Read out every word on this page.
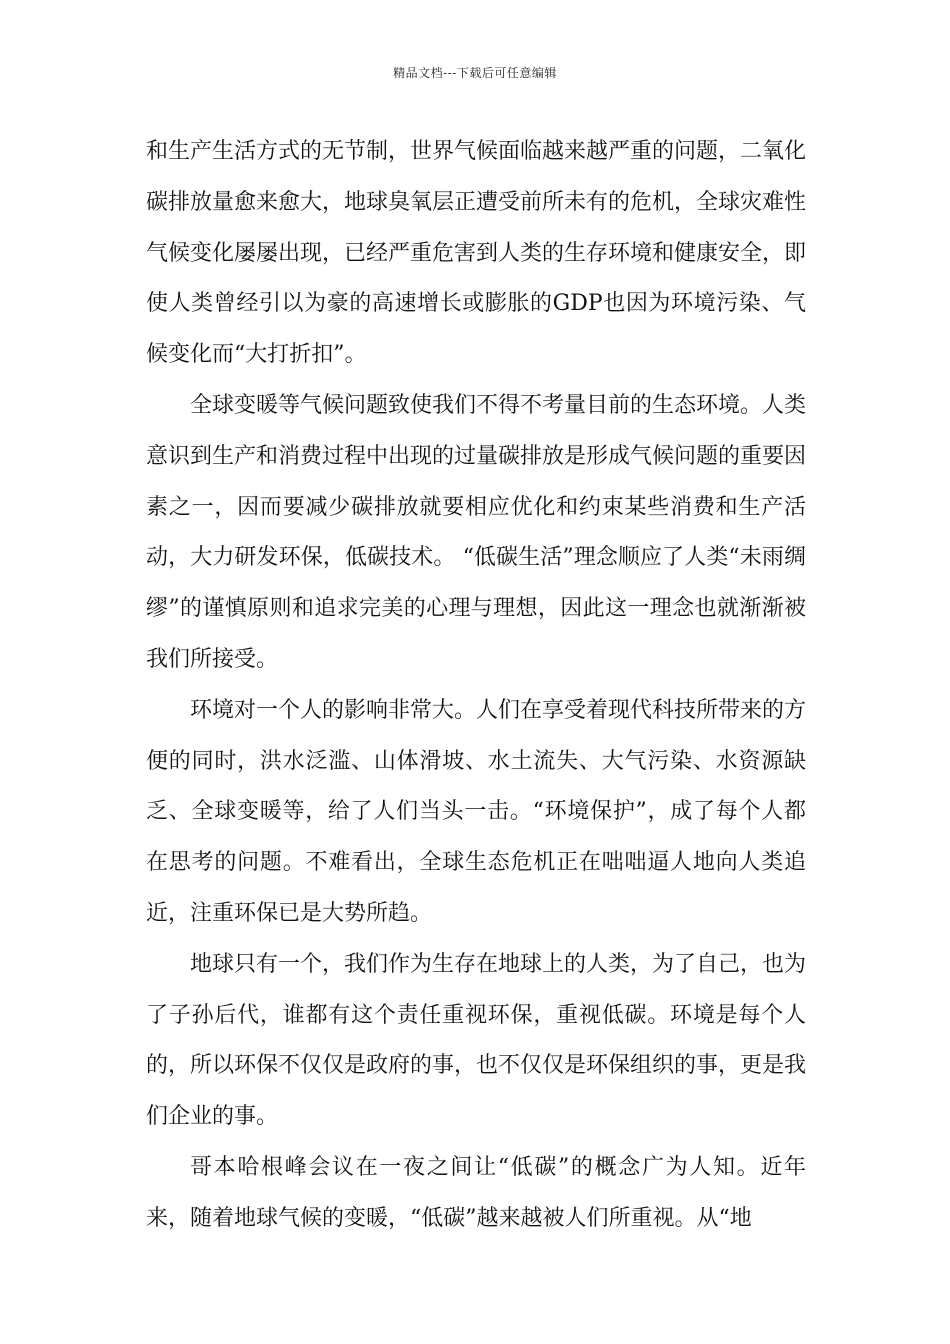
精品文档---下载后可任意编辑

和生产生活方式的无节制，世界气候面临越来越严重的问题，二氧化碳排放量愈来愈大，地球臭氧层正遭受前所未有的危机，全球灾难性气候变化屡屡出现，已经严重危害到人类的生存环境和健康安全，即使人类曾经引以为豪的高速增长或膨胀的GDP也因为环境污染、气候变化而“大打折扣”。

全球变暖等气候问题致使我们不得不考量目前的生态环境。人类意识到生产和消费过程中出现的过量碳排放是形成气候问题的重要因素之一，因而要减少碳排放就要相应优化和约束某些消费和生产活动，大力研发环保，低碳技术。 “低碳生活”理念顺应了人类“未雨绸缪”的谨慎原则和追求完美的心理与理想，因此这一理念也就渐渐被我们所接受。

环境对一个人的影响非常大。人们在享受着现代科技所带来的方便的同时，洪水泛滥、山体滑坡、水土流失、大气污染、水资源缺乏、全球变暖等，给了人们当头一击。“环境保护”，成了每个人都在思考的问题。不难看出，全球生态危机正在咄咄逼人地向人类追近，注重环保已是大势所趋。

地球只有一个，我们作为生存在地球上的人类，为了自己，也为了子孙后代，谁都有这个责任重视环保，重视低碳。环境是每个人的，所以环保不仅仅是政府的事，也不仅仅是环保组织的事，更是我们企业的事。

哥本哈根峰会议在一夜之间让“低碳”的概念广为人知。近年来，随着地球气候的变暖，“低碳”越来越被人们所重视。从“地
